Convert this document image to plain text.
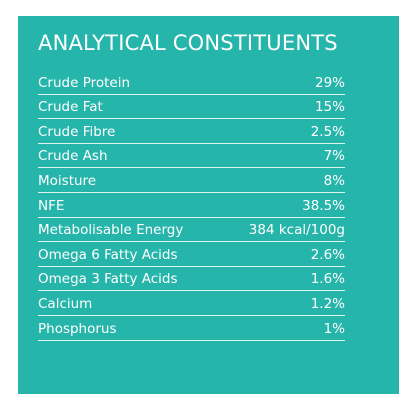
ANALYTICAL CONSTITUENTS
Crude Protein	29%
Crude Fat	15%
Crude Fibre	2.5%
Crude Ash	7%
Moisture	8%
NFE	38.5%
Metabolisable Energy	384 kcal/100g
Omega 6 Fatty Acids	2.6%
Omega 3 Fatty Acids	1.6%
Calcium	1.2%
Phosphorus	1%
